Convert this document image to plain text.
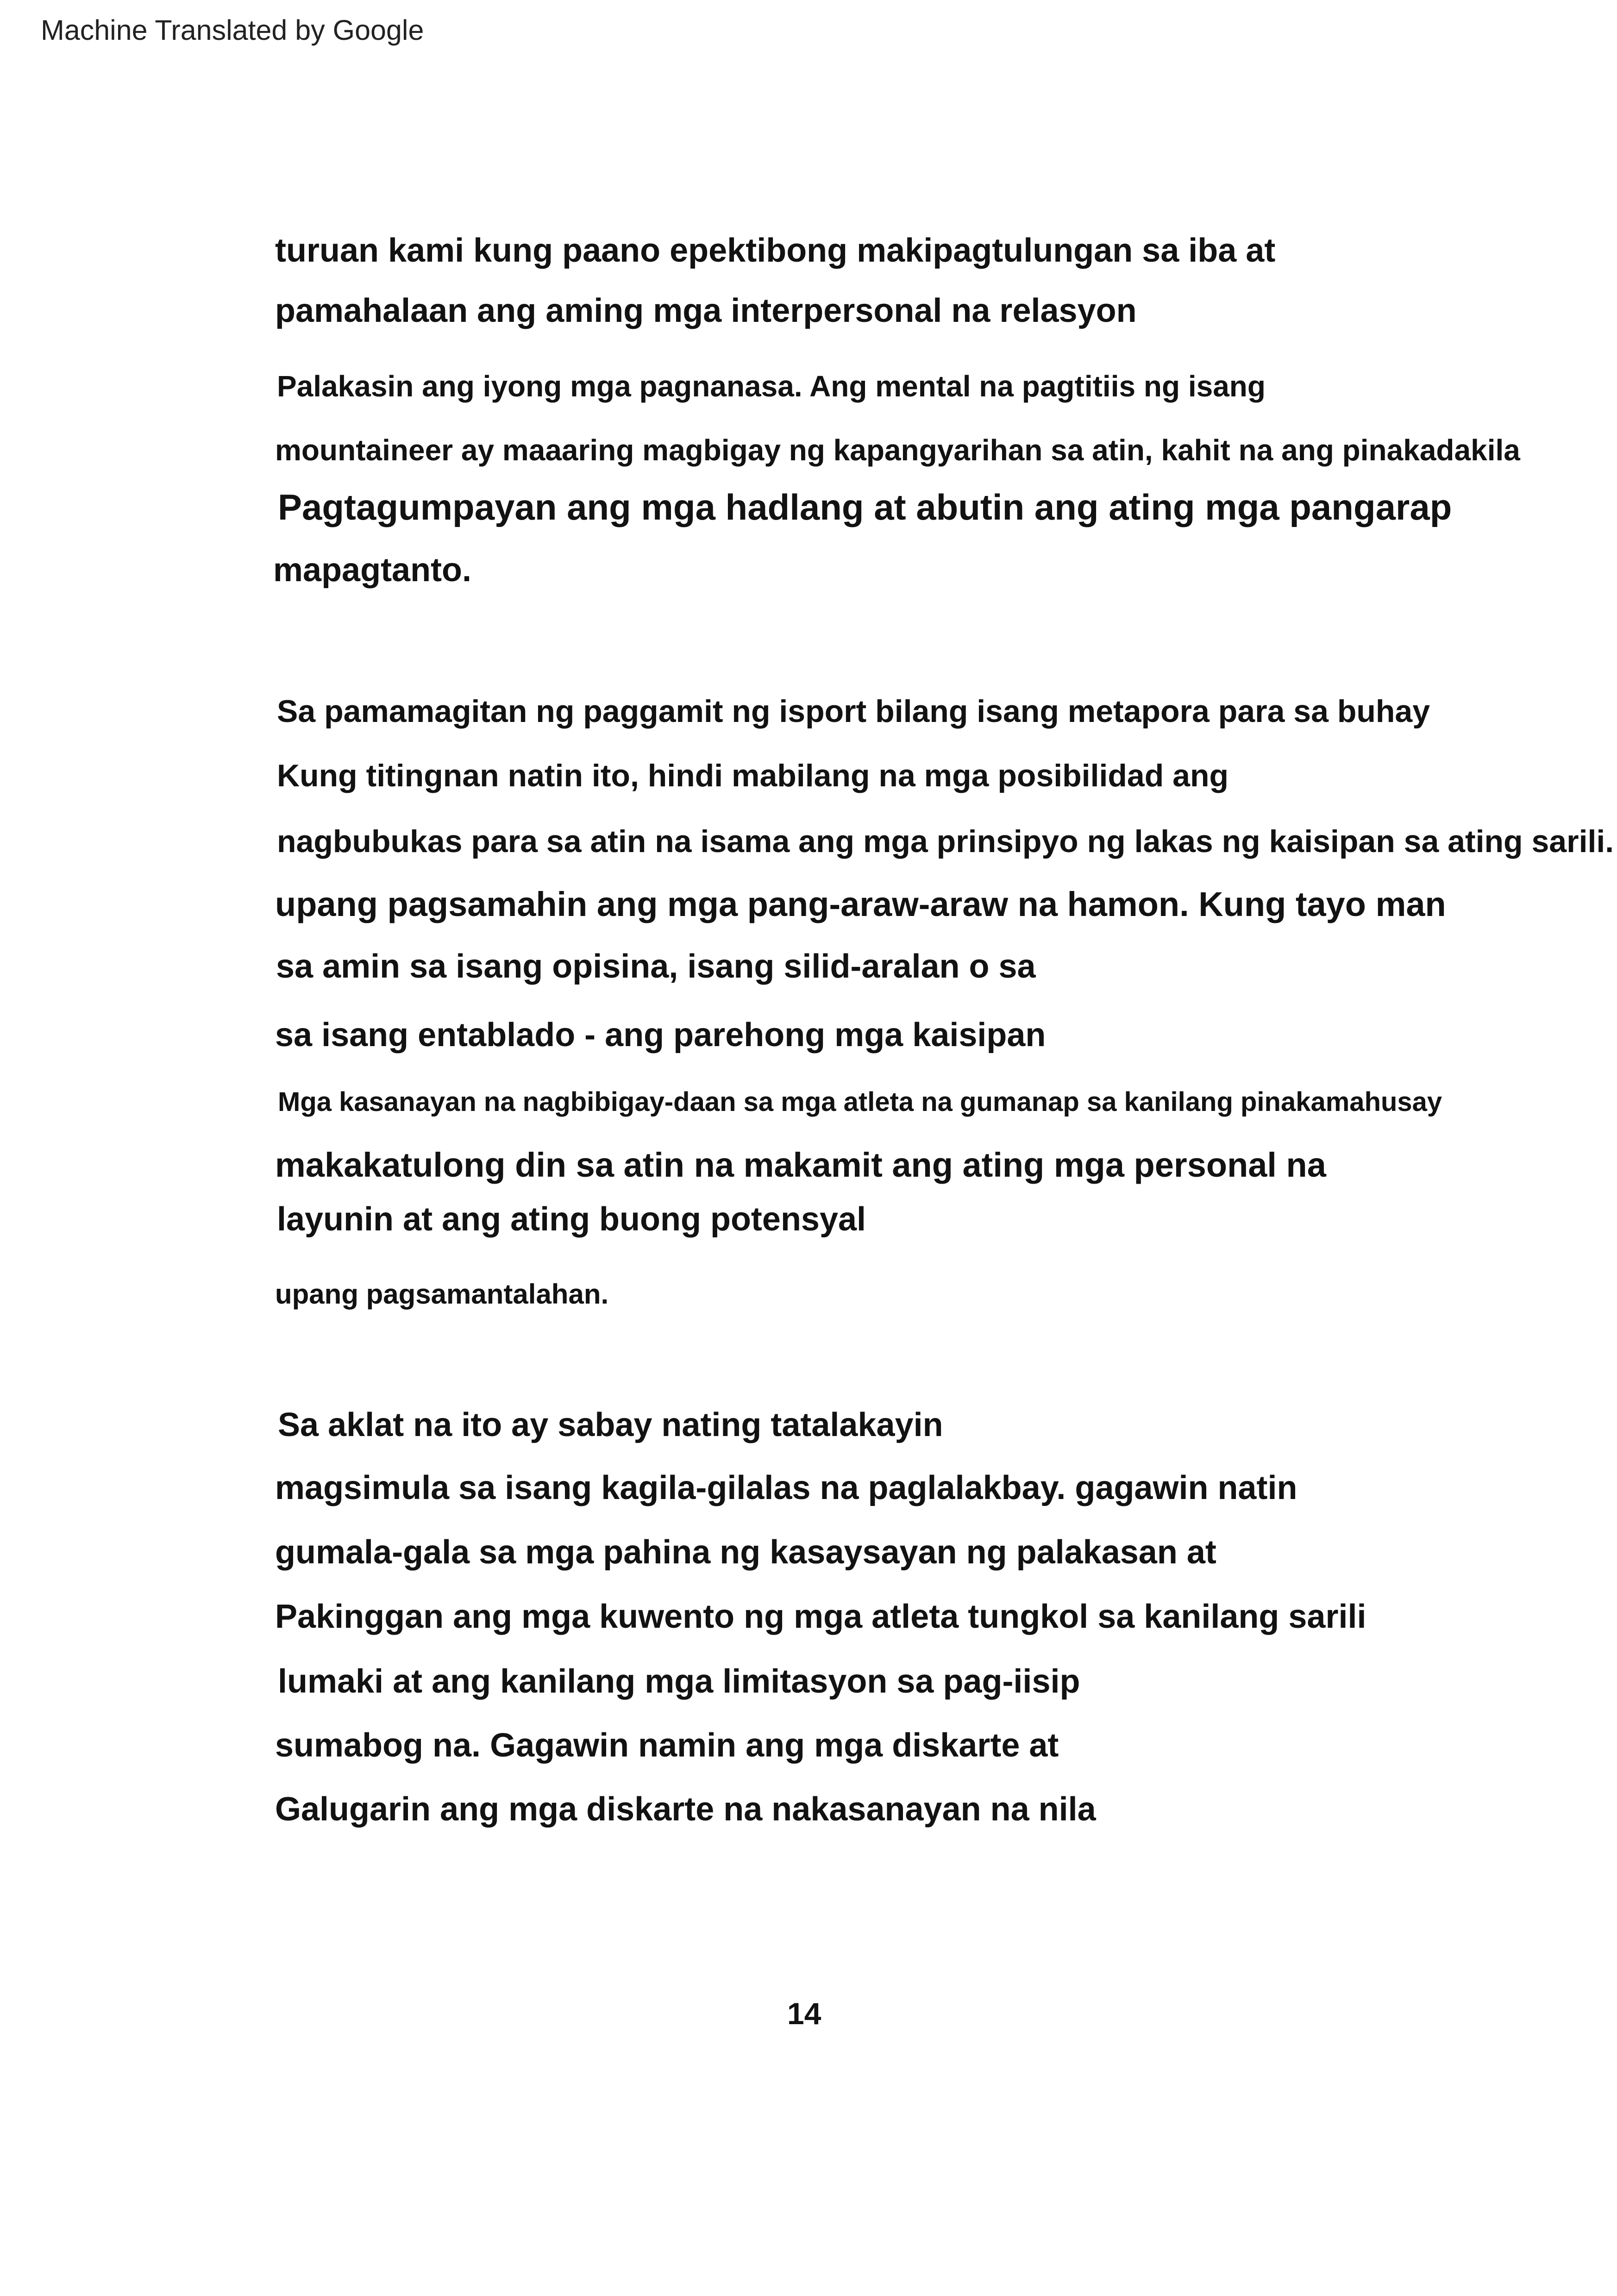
Machine Translated by Google
turuan kami kung paano epektibong makipagtulungan sa iba at
pamahalaan ang aming mga interpersonal na relasyon
Palakasin ang iyong mga pagnanasa. Ang mental na pagtitiis ng isang
mountaineer ay maaaring magbigay ng kapangyarihan sa atin, kahit na ang pinakadakila
Pagtagumpayan ang mga hadlang at abutin ang ating mga pangarap
mapagtanto.
Sa pamamagitan ng paggamit ng isport bilang isang metapora para sa buhay
Kung titingnan natin ito, hindi mabilang na mga posibilidad ang
nagbubukas para sa atin na isama ang mga prinsipyo ng lakas ng kaisipan sa ating sarili.
upang pagsamahin ang mga pang-araw-araw na hamon. Kung tayo man
sa amin sa isang opisina, isang silid-aralan o sa
sa isang entablado - ang parehong mga kaisipan
Mga kasanayan na nagbibigay-daan sa mga atleta na gumanap sa kanilang pinakamahusay
makakatulong din sa atin na makamit ang ating mga personal na
layunin at ang ating buong potensyal
upang pagsamantalahan.
Sa aklat na ito ay sabay nating tatalakayin
magsimula sa isang kagila-gilalas na paglalakbay. gagawin natin
gumala-gala sa mga pahina ng kasaysayan ng palakasan at
Pakinggan ang mga kuwento ng mga atleta tungkol sa kanilang sarili
lumaki at ang kanilang mga limitasyon sa pag-iisip
sumabog na. Gagawin namin ang mga diskarte at
Galugarin ang mga diskarte na nakasanayan na nila
14
